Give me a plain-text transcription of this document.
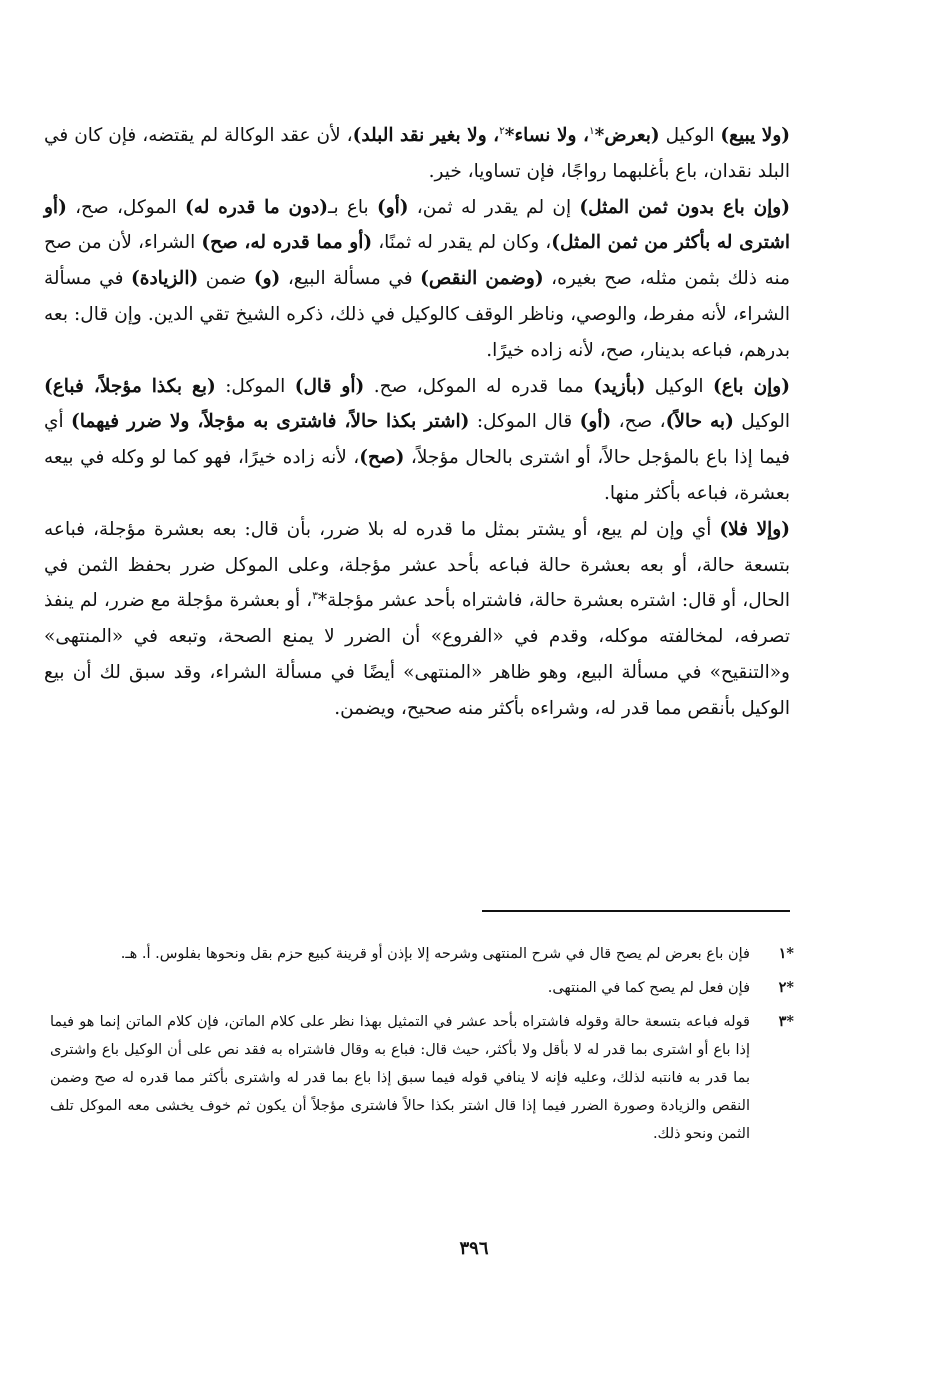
(ولا يبيع) الوكيل (بعرض*$^١$، ولا نساء*$^٢$، ولا بغير نقد البلد)، لأن عقد الوكالة لم يقتضه، فإن كان في البلد نقدان، باع بأغلبهما رواجًا، فإن تساويا، خير.

(وإن باع بدون ثمن المثل) إن لم يقدر له ثمن، (أو) باع بـ(دون ما قدره له) الموكل، صح، (أو اشترى له بأكثر من ثمن المثل)، وكان لم يقدر له ثمنًا، (أو مما قدره له، صح) الشراء، لأن من صح منه ذلك بثمن مثله، صح بغيره، (وضمن النقص) في مسألة البيع، (و) ضمن (الزيادة) في مسألة الشراء، لأنه مفرط، والوصي، وناظر الوقف كالوكيل في ذلك، ذكره الشيخ تقي الدين. وإن قال: بعه بدرهم، فباعه بدينار، صح، لأنه زاده خيرًا.

(وإن باع) الوكيل (بأزيد) مما قدره له الموكل، صح. (أو قال) الموكل: (بع بكذا مؤجلاً، فباع) الوكيل (به حالاً)، صح، (أو) قال الموكل: (اشتر بكذا حالاً، فاشترى به مؤجلاً، ولا ضرر فيهما) أي فيما إذا باع بالمؤجل حالاً، أو اشترى بالحال مؤجلاً، (صح)، لأنه زاده خيرًا، فهو كما لو وكله في بيعه بعشرة، فباعه بأكثر منها.

(وإلا فلا) أي وإن لم يبع، أو يشتر بمثل ما قدره له بلا ضرر، بأن قال: بعه بعشرة مؤجلة، فباعه بتسعة حالة، أو بعه بعشرة حالة فباعه بأحد عشر مؤجلة، وعلى الموكل ضرر بحفظ الثمن في الحال، أو قال: اشتره بعشرة حالة، فاشتراه بأحد عشر مؤجلة*$^٣$، أو بعشرة مؤجلة مع ضرر، لم ينفذ تصرفه، لمخالفته موكله، وقدم في «الفروع» أن الضرر لا يمنع الصحة، وتبعه في «المنتهى» و«التنقيح» في مسألة البيع، وهو ظاهر «المنتهى» أيضًا في مسألة الشراء، وقد سبق لك أن بيع الوكيل بأنقص مما قدر له، وشراءه بأكثر منه صحيح، ويضمن.

*١
فإن باع بعرض لم يصح قال في شرح المنتهى وشرحه إلا بإذن أو قرينة كبيع حزم بقل ونحوها بفلوس. أ. هـ.
*٢
فإن فعل لم يصح كما في المنتهى.
*٣
قوله فباعه بتسعة حالة وقوله فاشتراه بأحد عشر في التمثيل بهذا نظر على كلام الماتن، فإن كلام الماتن إنما هو فيما إذا باع أو اشترى بما قدر له لا بأقل ولا بأكثر، حيث قال: فباع به وقال فاشتراه به فقد نص على أن الوكيل باع واشترى بما قدر به فانتبه لذلك، وعليه فإنه لا ينافي قوله فيما سبق إذا باع بما قدر له واشترى بأكثر مما قدره له صح وضمن النقص والزيادة وصورة الضرر فيما إذا قال اشتر بكذا حالاً فاشترى مؤجلاً أن يكون ثم خوف يخشى معه الموكل تلف الثمن ونحو ذلك.
٣٩٦
